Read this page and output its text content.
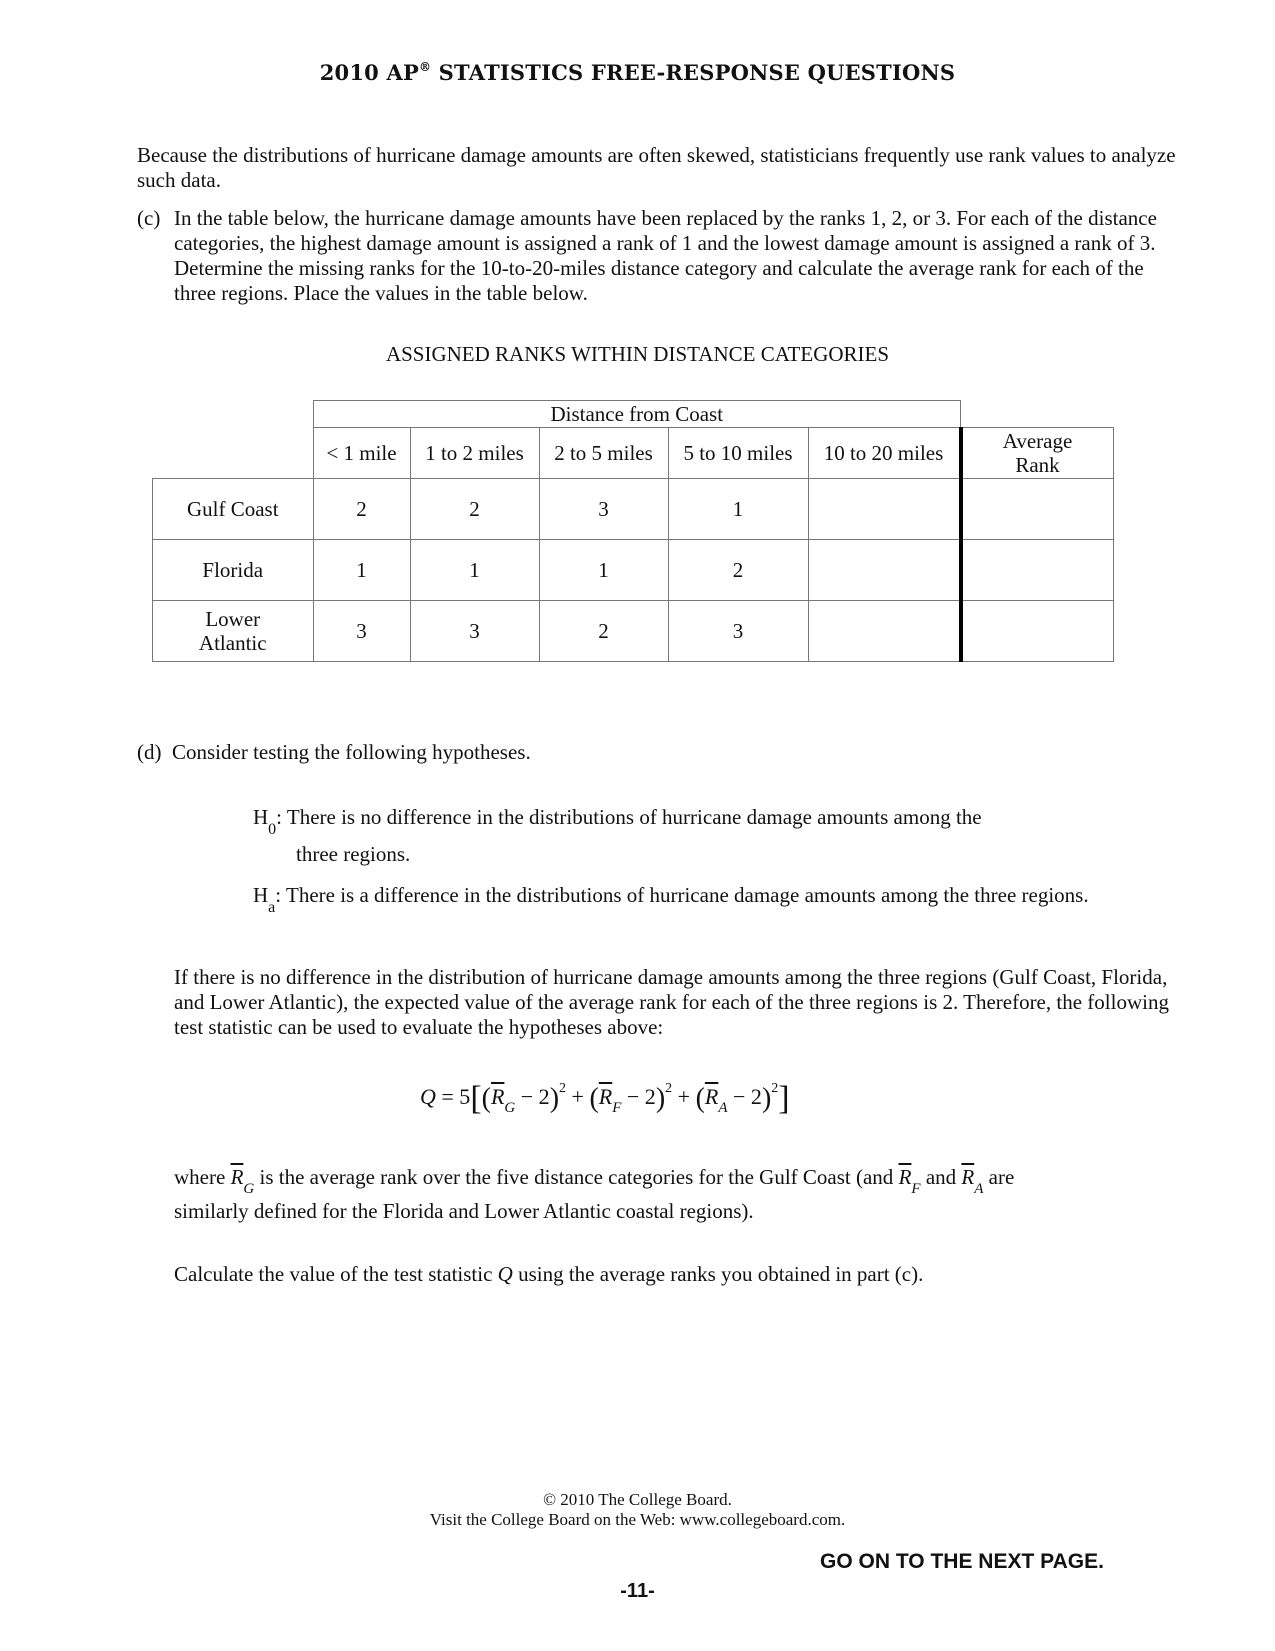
2010 AP® STATISTICS FREE-RESPONSE QUESTIONS
Because the distributions of hurricane damage amounts are often skewed, statisticians frequently use rank values to analyze such data.
(c) In the table below, the hurricane damage amounts have been replaced by the ranks 1, 2, or 3. For each of the distance categories, the highest damage amount is assigned a rank of 1 and the lowest damage amount is assigned a rank of 3. Determine the missing ranks for the 10-to-20-miles distance category and calculate the average rank for each of the three regions. Place the values in the table below.
ASSIGNED RANKS WITHIN DISTANCE CATEGORIES
	Distance from Coast					
	< 1 mile	1 to 2 miles	2 to 5 miles	5 to 10 miles	10 to 20 miles	Average
Rank
Gulf Coast	2	2	3	1		
Florida	1	1	1	2		
Lower
Atlantic	3	3	2	3		
(d) Consider testing the following hypotheses.
$H_0$: There is no difference in the distributions of hurricane damage amounts among the
three regions.
$H_a$: There is a difference in the distributions of hurricane damage amounts among the three regions.
If there is no difference in the distribution of hurricane damage amounts among the three regions (Gulf Coast, Florida, and Lower Atlantic), the expected value of the average rank for each of the three regions is 2. Therefore, the following test statistic can be used to evaluate the hypotheses above:
$Q = 5[(\overline{R}_G - 2)^2 + (\overline{R}_F - 2)^2 + (\overline{R}_A - 2)^2]$
where $\overline{R}_G$ is the average rank over the five distance categories for the Gulf Coast (and $\overline{R}_F$ and $\overline{R}_A$ are
similarly defined for the Florida and Lower Atlantic coastal regions).
Calculate the value of the test statistic Q using the average ranks you obtained in part (c).
© 2010 The College Board.
Visit the College Board on the Web: www.collegeboard.com.
GO ON TO THE NEXT PAGE.
-11-
